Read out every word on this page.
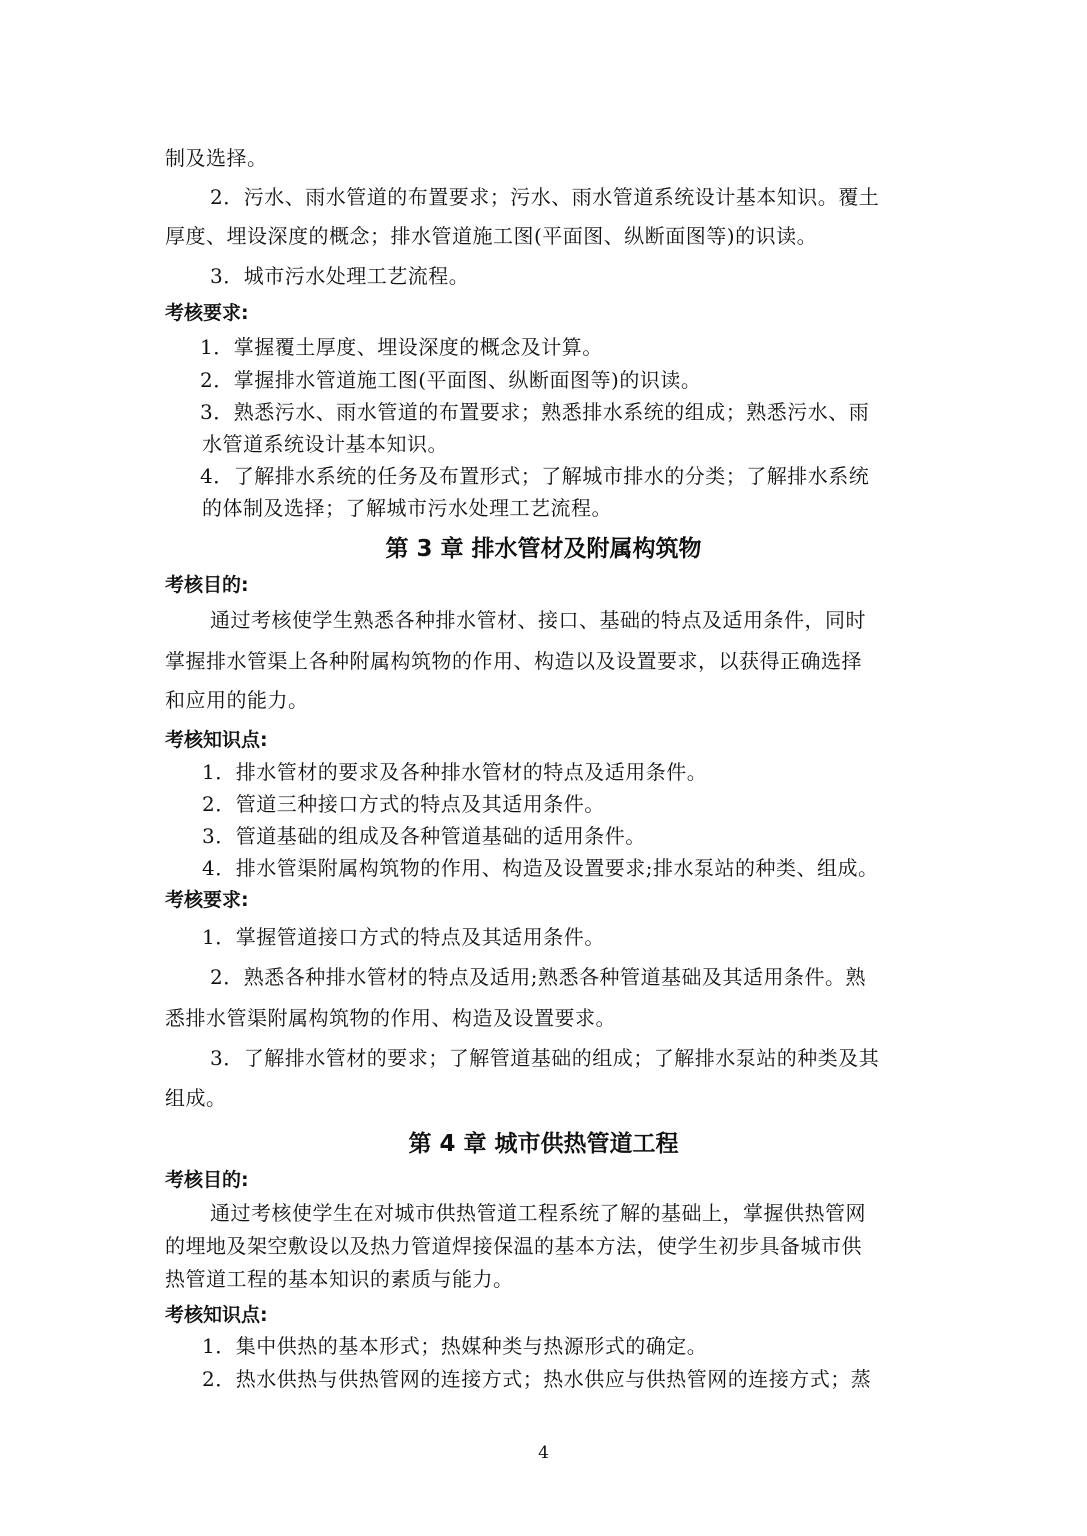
制及选择。
2．污水、雨水管道的布置要求；污水、雨水管道系统设计基本知识。覆土
厚度、埋设深度的概念；排水管道施工图(平面图、纵断面图等)的识读。
3．城市污水处理工艺流程。
考核要求:
1．掌握覆土厚度、埋设深度的概念及计算。
2．掌握排水管道施工图(平面图、纵断面图等)的识读。
3．熟悉污水、雨水管道的布置要求；熟悉排水系统的组成；熟悉污水、雨
水管道系统设计基本知识。
4．了解排水系统的任务及布置形式；了解城市排水的分类；了解排水系统
的体制及选择；了解城市污水处理工艺流程。
第 3 章 排水管材及附属构筑物
考核目的:
通过考核使学生熟悉各种排水管材、接口、基础的特点及适用条件，同时
掌握排水管渠上各种附属构筑物的作用、构造以及设置要求，以获得正确选择
和应用的能力。
考核知识点:
1．排水管材的要求及各种排水管材的特点及适用条件。
2．管道三种接口方式的特点及其适用条件。
3．管道基础的组成及各种管道基础的适用条件。
4．排水管渠附属构筑物的作用、构造及设置要求;排水泵站的种类、组成。
考核要求:
1．掌握管道接口方式的特点及其适用条件。
2．熟悉各种排水管材的特点及适用;熟悉各种管道基础及其适用条件。熟
悉排水管渠附属构筑物的作用、构造及设置要求。
3．了解排水管材的要求；了解管道基础的组成；了解排水泵站的种类及其
组成。
第 4 章 城市供热管道工程
考核目的:
通过考核使学生在对城市供热管道工程系统了解的基础上，掌握供热管网
的埋地及架空敷设以及热力管道焊接保温的基本方法，使学生初步具备城市供
热管道工程的基本知识的素质与能力。
考核知识点:
1．集中供热的基本形式；热媒种类与热源形式的确定。
2．热水供热与供热管网的连接方式；热水供应与供热管网的连接方式；蒸
4
